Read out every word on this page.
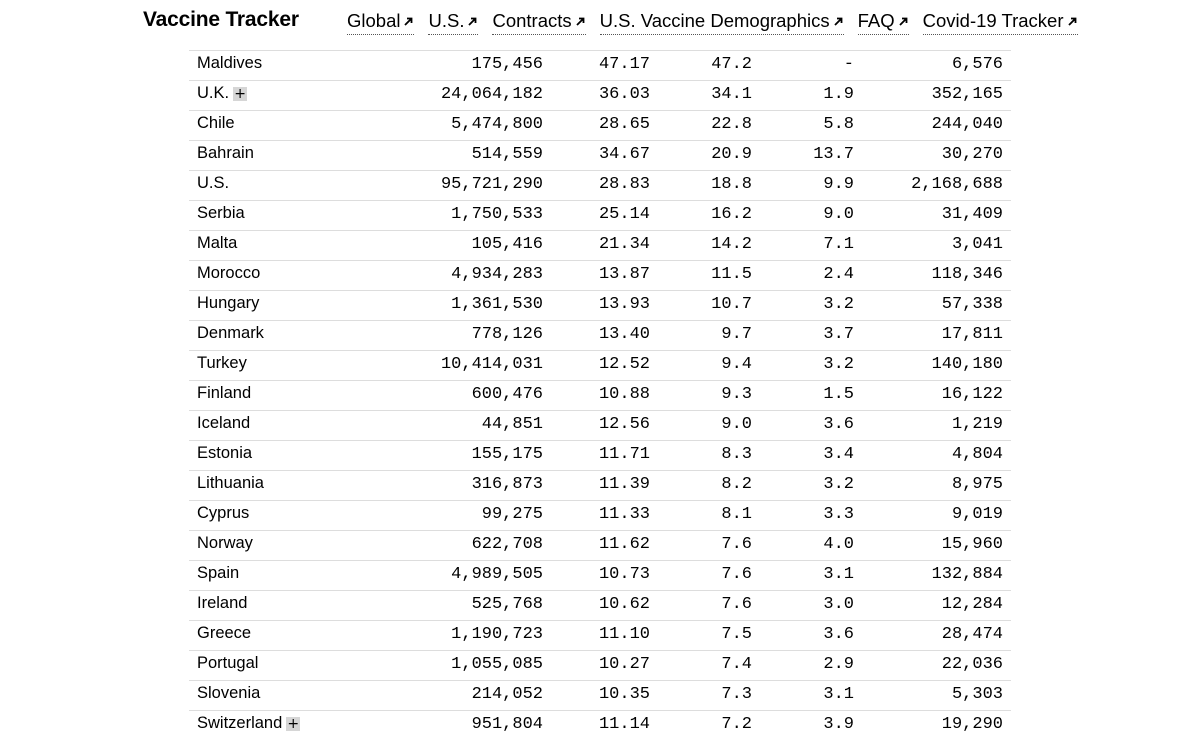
Vaccine Tracker	Global U.S. Contracts U.S. Vaccine Demographics FAQ Covid-19 Tracker
Maldives	175,456	47.17	47.2	-	6,576
U.K. +	24,064,182	36.03	34.1	1.9	352,165
Chile	5,474,800	28.65	22.8	5.8	244,040
Bahrain	514,559	34.67	20.9	13.7	30,270
U.S.	95,721,290	28.83	18.8	9.9	2,168,688
Serbia	1,750,533	25.14	16.2	9.0	31,409
Malta	105,416	21.34	14.2	7.1	3,041
Morocco	4,934,283	13.87	11.5	2.4	118,346
Hungary	1,361,530	13.93	10.7	3.2	57,338
Denmark	778,126	13.40	9.7	3.7	17,811
Turkey	10,414,031	12.52	9.4	3.2	140,180
Finland	600,476	10.88	9.3	1.5	16,122
Iceland	44,851	12.56	9.0	3.6	1,219
Estonia	155,175	11.71	8.3	3.4	4,804
Lithuania	316,873	11.39	8.2	3.2	8,975
Cyprus	99,275	11.33	8.1	3.3	9,019
Norway	622,708	11.62	7.6	4.0	15,960
Spain	4,989,505	10.73	7.6	3.1	132,884
Ireland	525,768	10.62	7.6	3.0	12,284
Greece	1,190,723	11.10	7.5	3.6	28,474
Portugal	1,055,085	10.27	7.4	2.9	22,036
Slovenia	214,052	10.35	7.3	3.1	5,303
Switzerland +	951,804	11.14	7.2	3.9	19,290
